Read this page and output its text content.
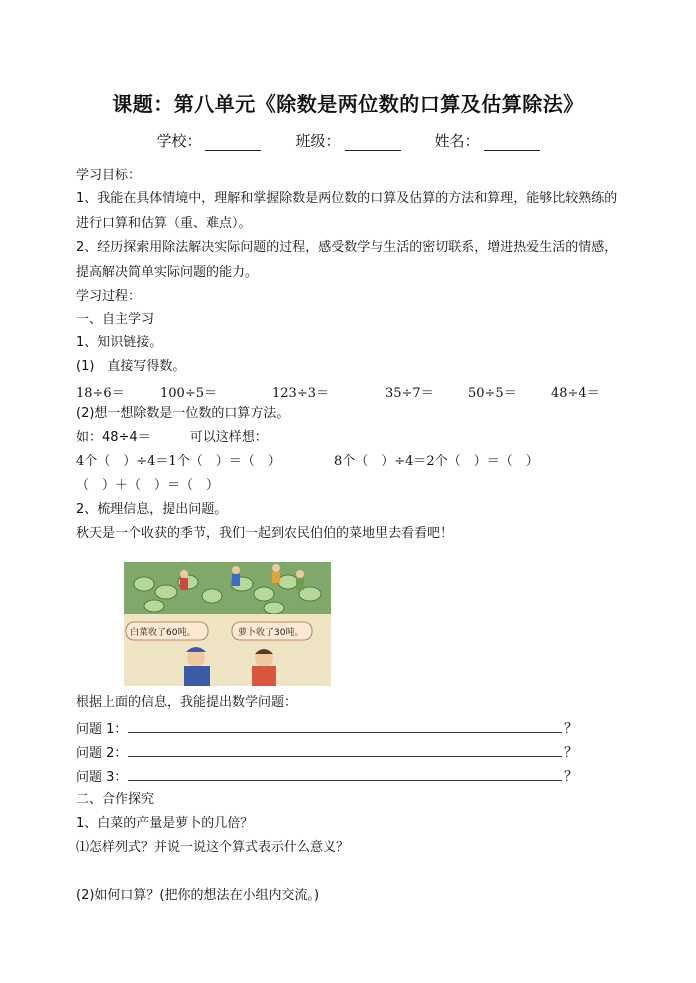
课题：第八单元《除数是两位数的口算及估算除法》
学校：	班级：	姓名：
学习目标：
1、我能在具体情境中，理解和掌握除数是两位数的口算及估算的方法和算理，能够比较熟练的进行口算和估算（重、难点）。
2、经历探索用除法解决实际问题的过程，感受数学与生活的密切联系，增进热爱生活的情感，提高解决简单实际问题的能力。
学习过程：
一、自主学习
1、知识链接。
(1)　直接写得数。
18÷6＝	100÷5＝	123÷3＝	35÷7＝	50÷5＝	48÷4＝
(2)想一想除数是一位数的口算方法。
如：48÷4＝　　　可以这样想：
4个（　）÷4＝1个（　）＝（　）	8个（　）÷4＝2个（　）＝（　）
（　）＋（　）＝（　）
2、梳理信息，提出问题。
秋天是一个收获的季节，我们一起到农民伯伯的菜地里去看看吧！
白菜收了60吨。	萝卜收了30吨。
根据上面的信息，我能提出数学问题：
问题 1：	？
问题 2：	？
问题 3：	？
二、合作探究
1、白菜的产量是萝卜的几倍？
⑴怎样列式？并说一说这个算式表示什么意义？
(2)如何口算？(把你的想法在小组内交流。)
